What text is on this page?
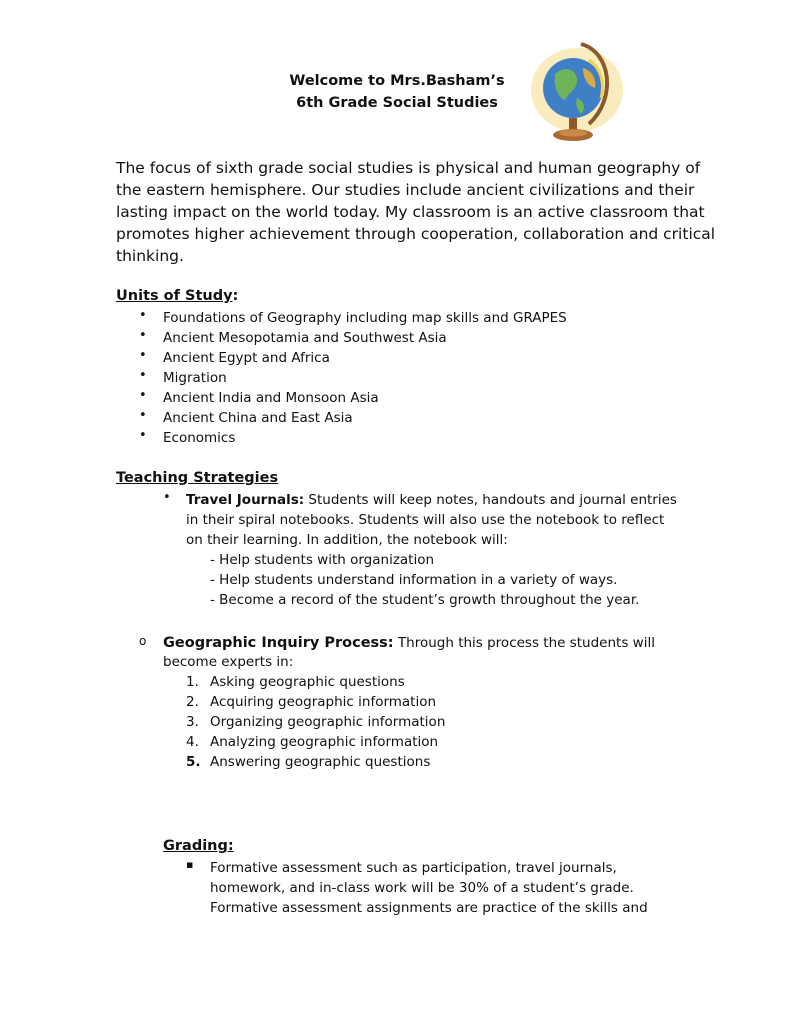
Welcome to Mrs.Basham’s
6th Grade Social Studies
The focus of sixth grade social studies is physical and human geography of
the eastern hemisphere. Our studies include ancient civilizations and their
lasting impact on the world today. My classroom is an active classroom that
promotes higher achievement through cooperation, collaboration and critical
thinking.
Units of Study:
• Foundations of Geography including map skills and GRAPES
• Ancient Mesopotamia and Southwest Asia
• Ancient Egypt and Africa
• Migration
• Ancient India and Monsoon Asia
• Ancient China and East Asia
• Economics
Teaching Strategies
• Travel Journals: Students will keep notes, handouts and journal entries
in their spiral notebooks. Students will also use the notebook to reflect
on their learning. In addition, the notebook will:
- Help students with organization
- Help students understand information in a variety of ways.
- Become a record of the student’s growth throughout the year.
o Geographic Inquiry Process: Through this process the students will
become experts in:
1. Asking geographic questions
2. Acquiring geographic information
3. Organizing geographic information
4. Analyzing geographic information
5. Answering geographic questions
Grading:
▪ Formative assessment such as participation, travel journals,
homework, and in-class work will be 30% of a student’s grade.
Formative assessment assignments are practice of the skills and
